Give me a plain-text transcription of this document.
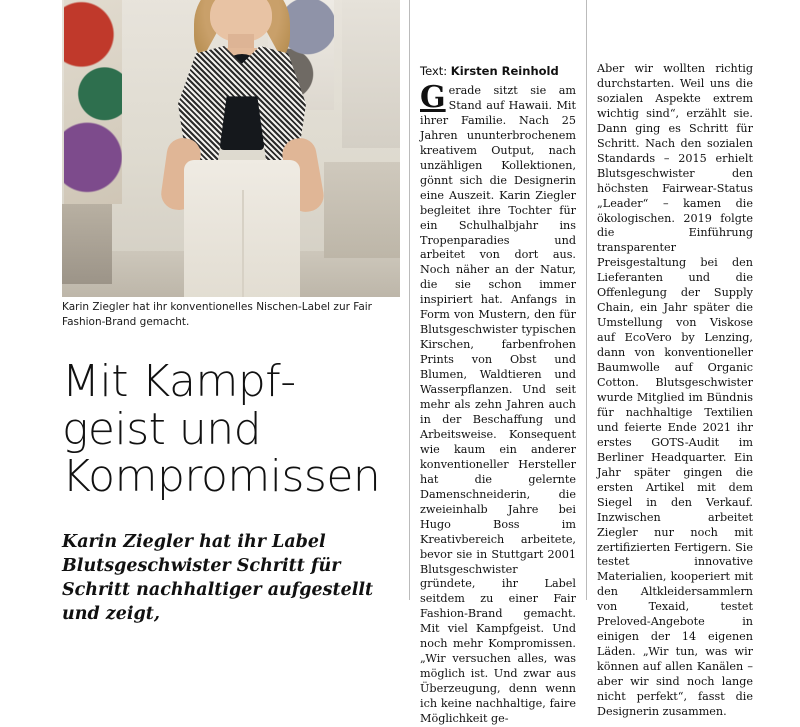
Karin Ziegler hat ihr konventionelles Nischen-Label zur Fair Fashion-Brand gemacht.
Mit Kampf-
geist und
Kompromissen
Karin Ziegler hat ihr Label Blutsgeschwister Schritt für Schritt nachhaltiger aufgestellt und zeigt,
Text: Kirsten Reinhold
G erade sitzt sie am Stand auf Hawaii. Mit ihrer Familie. Nach 25 Jahren ununterbrochenem kreativem Output, nach unzähligen Kollektionen, gönnt sich die Designerin eine Auszeit. Karin Ziegler begleitet ihre Tochter für ein Schulhalbjahr ins Tropenparadies und arbeitet von dort aus. Noch näher an der Natur, die sie schon immer inspiriert hat. Anfangs in Form von Mustern, den für Blutsgeschwister typischen Kirschen, farbenfrohen Prints von Obst und Blumen, Waldtieren und Wasserpflanzen. Und seit mehr als zehn Jahren auch in der Beschaffung und Arbeitsweise. Konsequent wie kaum ein anderer konventioneller Hersteller hat die gelernte Damenschneiderin, die zweieinhalb Jahre bei Hugo Boss im Kreativbereich arbeitete, bevor sie in Stuttgart 2001 Blutsgeschwister gründete, ihr Label seitdem zu einer Fair Fashion-Brand gemacht. Mit viel Kampfgeist. Und noch mehr Kompromissen. „Wir versuchen alles, was möglich ist. Und zwar aus Überzeugung, denn wenn ich keine nachhaltige, faire Möglichkeit ge-
Aber wir wollten richtig durchstarten. Weil uns die sozialen Aspekte extrem wichtig sind“, erzählt sie. Dann ging es Schritt für Schritt. Nach den sozialen Standards – 2015 erhielt Blutsgeschwister den höchsten Fairwear-Status „Leader“ – kamen die ökologischen. 2019 folgte die Einführung transparenter Preisgestaltung bei den Lieferanten und die Offenlegung der Supply Chain, ein Jahr später die Umstellung von Viskose auf EcoVero by Lenzing, dann von konventioneller Baumwolle auf Organic Cotton. Blutsgeschwister wurde Mitglied im Bündnis für nachhaltige Textilien und feierte Ende 2021 ihr erstes GOTS-Audit im Berliner Headquarter. Ein Jahr später gingen die ersten Artikel mit dem Siegel in den Verkauf. Inzwischen arbeitet Ziegler nur noch mit zertifizierten Fertigern. Sie testet innovative Materialien, kooperiert mit den Altkleidersammlern von Texaid, testet Preloved-Angebote in einigen der 14 eigenen Läden. „Wir tun, was wir können auf allen Kanälen – aber wir sind noch lange nicht perfekt“, fasst die Designerin zusammen.
